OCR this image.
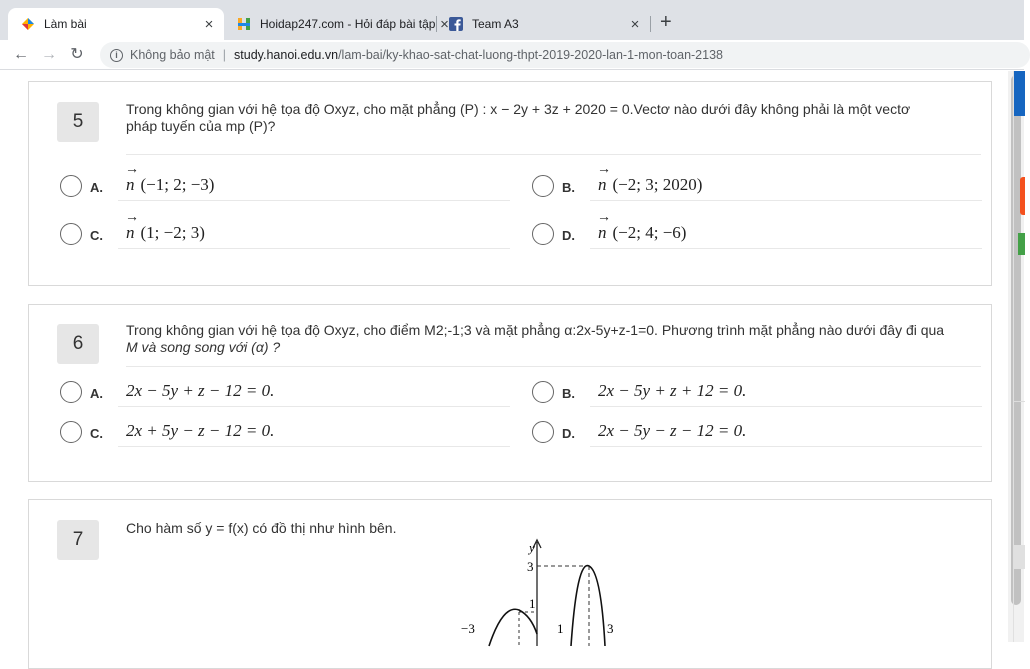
Làm bài	×	Hoidap247.com - Hỏi đáp bài tập ×	Team A3	× +
← → ↻	i Không bảo mật | study.hanoi.edu.vn /lam-bai/ky-khao-sat-chat-luong-thpt-2019-2020-lan-1-mon-toan-2138
5
Trong không gian với hệ tọa độ Oxyz, cho mặt phẳng (P) : x − 2y + 3z + 2020 = 0.Vectơ nào dưới đây không phải là một vectơ
pháp tuyến của mp (P)?
A. → n (−1; 2; −3)	B. → n (−2; 3; 2020)
C. → n (1; −2; 3)	D. → n (−2; 4; −6)
6
Trong không gian với hệ tọa độ Oxyz, cho điểm M2;-1;3 và mặt phẳng α:2x-5y+z-1=0. Phương trình mặt phẳng nào dưới đây đi qua
M và song song với (α) ?
A. 2x − 5y + z − 12 = 0.	B. 2x − 5y + z + 12 = 0.
C. 2x + 5y − z − 12 = 0.	D. 2x − 5y − z − 12 = 0.
7
Cho hàm số y = f(x) có đồ thị như hình bên.
y
3
1
−3	1	3
